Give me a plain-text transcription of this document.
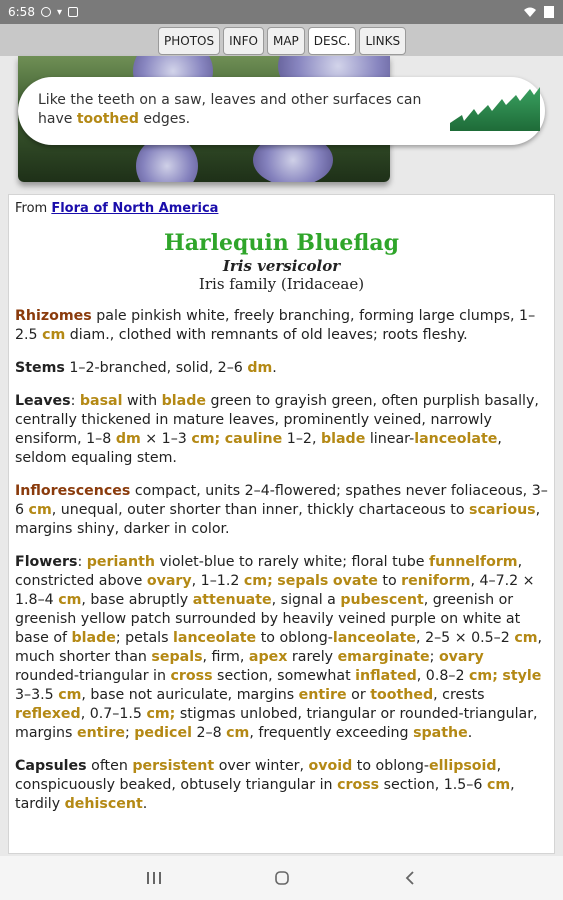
6:58 ▾
PHOTOS	INFO	MAP	DESC.	LINKS
Like the teeth on a saw, leaves and other surfaces can have toothed edges.
From Flora of North America
Harlequin Blueflag
Iris versicolor
Iris family (Iridaceae)

Rhizomes pale pinkish white, freely branching, forming large clumps, 1–2.5 cm diam., clothed with remnants of old leaves; roots fleshy.

Stems 1–2-branched, solid, 2–6 dm.

Leaves: basal with blade green to grayish green, often purplish basally, centrally thickened in mature leaves, prominently veined, narrowly ensiform, 1–8 dm × 1–3 cm; cauline 1–2, blade linear-lanceolate, seldom equaling stem.

Inflorescences compact, units 2–4-flowered; spathes never foliaceous, 3–6 cm, unequal, outer shorter than inner, thickly chartaceous to scarious, margins shiny, darker in color.

Flowers: perianth violet-blue to rarely white; floral tube funnelform, constricted above ovary, 1–1.2 cm; sepals ovate to reniform, 4–7.2 × 1.8–4 cm, base abruptly attenuate, signal a pubescent, greenish or greenish yellow patch surrounded by heavily veined purple on white at base of blade; petals lanceolate to oblong-lanceolate, 2–5 × 0.5–2 cm, much shorter than sepals, firm, apex rarely emarginate; ovary rounded-triangular in cross section, somewhat inflated, 0.8–2 cm; style 3–3.5 cm, base not auriculate, margins entire or toothed, crests reflexed, 0.7–1.5 cm; stigmas unlobed, triangular or rounded-triangular, margins entire; pedicel 2–8 cm, frequently exceeding spathe.

Capsules often persistent over winter, ovoid to oblong-ellipsoid, conspicuously beaked, obtusely triangular in cross section, 1.5–6 cm, tardily dehiscent.
